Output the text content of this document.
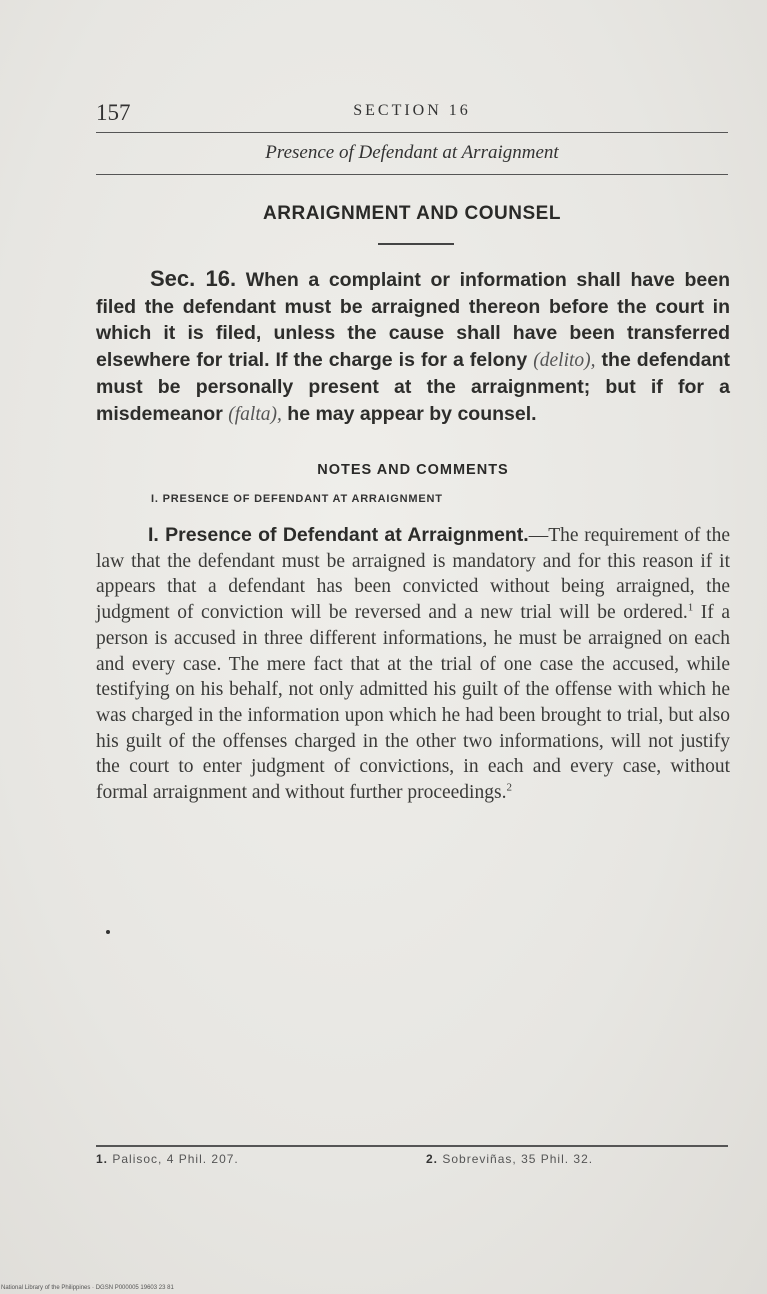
157	SECTION 16
Presence of Defendant at Arraignment
ARRAIGNMENT AND COUNSEL
Sec. 16. When a complaint or information shall have been filed the defendant must be arraigned thereon before the court in which it is filed, unless the cause shall have been transferred elsewhere for trial. If the charge is for a felony (delito), the defendant must be personally present at the arraignment; but if for a misdemeanor (falta), he may appear by counsel.
NOTES AND COMMENTS
I. PRESENCE OF DEFENDANT AT ARRAIGNMENT
I. Presence of Defendant at Arraignment.—The requirement of the law that the defendant must be arraigned is mandatory and for this reason if it appears that a defendant has been convicted without being arraigned, the judgment of conviction will be reversed and a new trial will be ordered.$^1$ If a person is accused in three different informations, he must be arraigned on each and every case. The mere fact that at the trial of one case the accused, while testifying on his behalf, not only admitted his guilt of the offense with which he was charged in the information upon which he had been brought to trial, but also his guilt of the offenses charged in the other two informations, will not justify the court to enter judgment of convictions, in each and every case, without formal arraignment and without further proceedings.$^2$
1. Palisoc, 4 Phil. 207.	2. Sobreviñas, 35 Phil. 32.
National Library of the Philippines · DGSN P000005 19603 23 81
